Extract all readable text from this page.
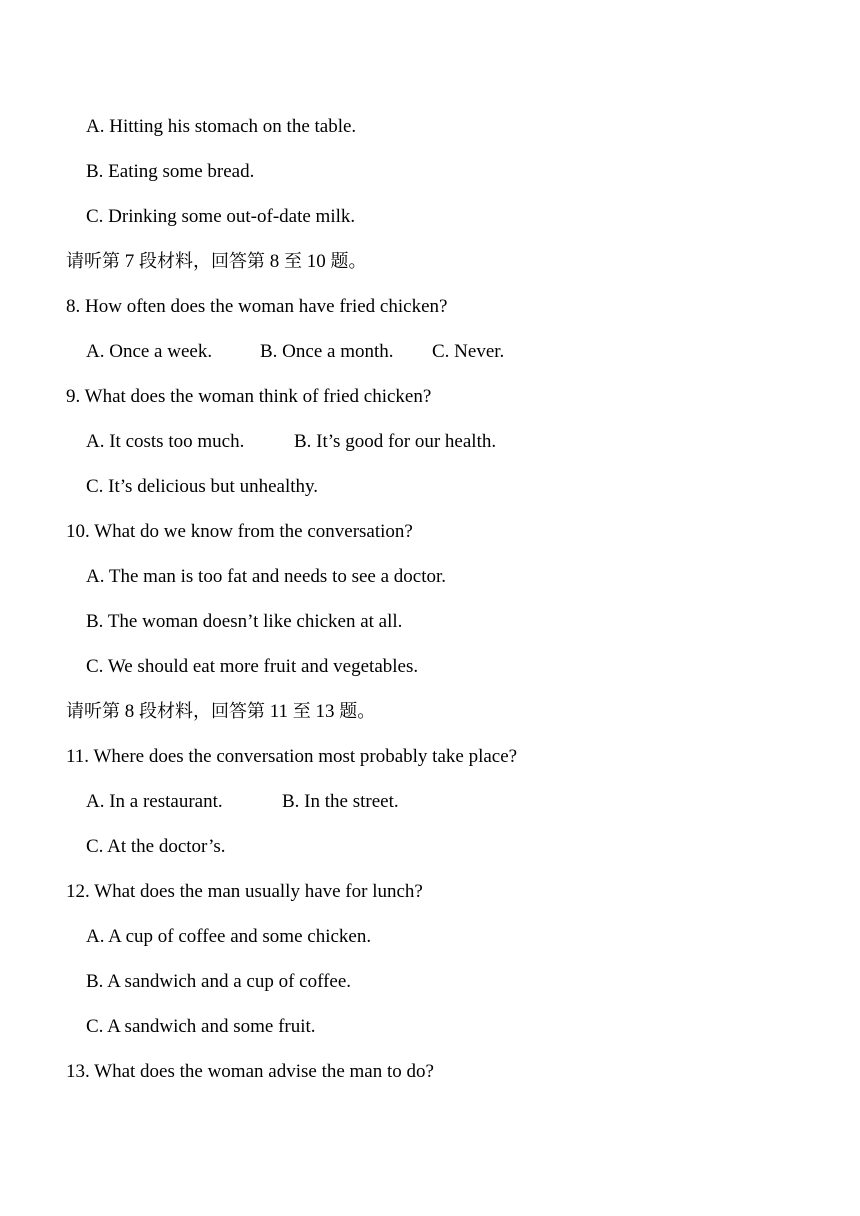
A. Hitting his stomach on the table.
B. Eating some bread.
C. Drinking some out-of-date milk.
请听第 7 段材料，回答第 8 至 10 题。
8. How often does the woman have fried chicken?
A. Once a week.	B. Once a month. C. Never.
9. What does the woman think of fried chicken?
A. It costs too much.	B. It’s good for our health.
C. It’s delicious but unhealthy.
10. What do we know from the conversation?
A. The man is too fat and needs to see a doctor.
B. The woman doesn’t like chicken at all.
C. We should eat more fruit and vegetables.
请听第 8 段材料，回答第 11 至 13 题。
11. Where does the conversation most probably take place?
A. In a restaurant.	B. In the street.
C. At the doctor’s.
12. What does the man usually have for lunch?
A. A cup of coffee and some chicken.
B. A sandwich and a cup of coffee.
C. A sandwich and some fruit.
13. What does the woman advise the man to do?
